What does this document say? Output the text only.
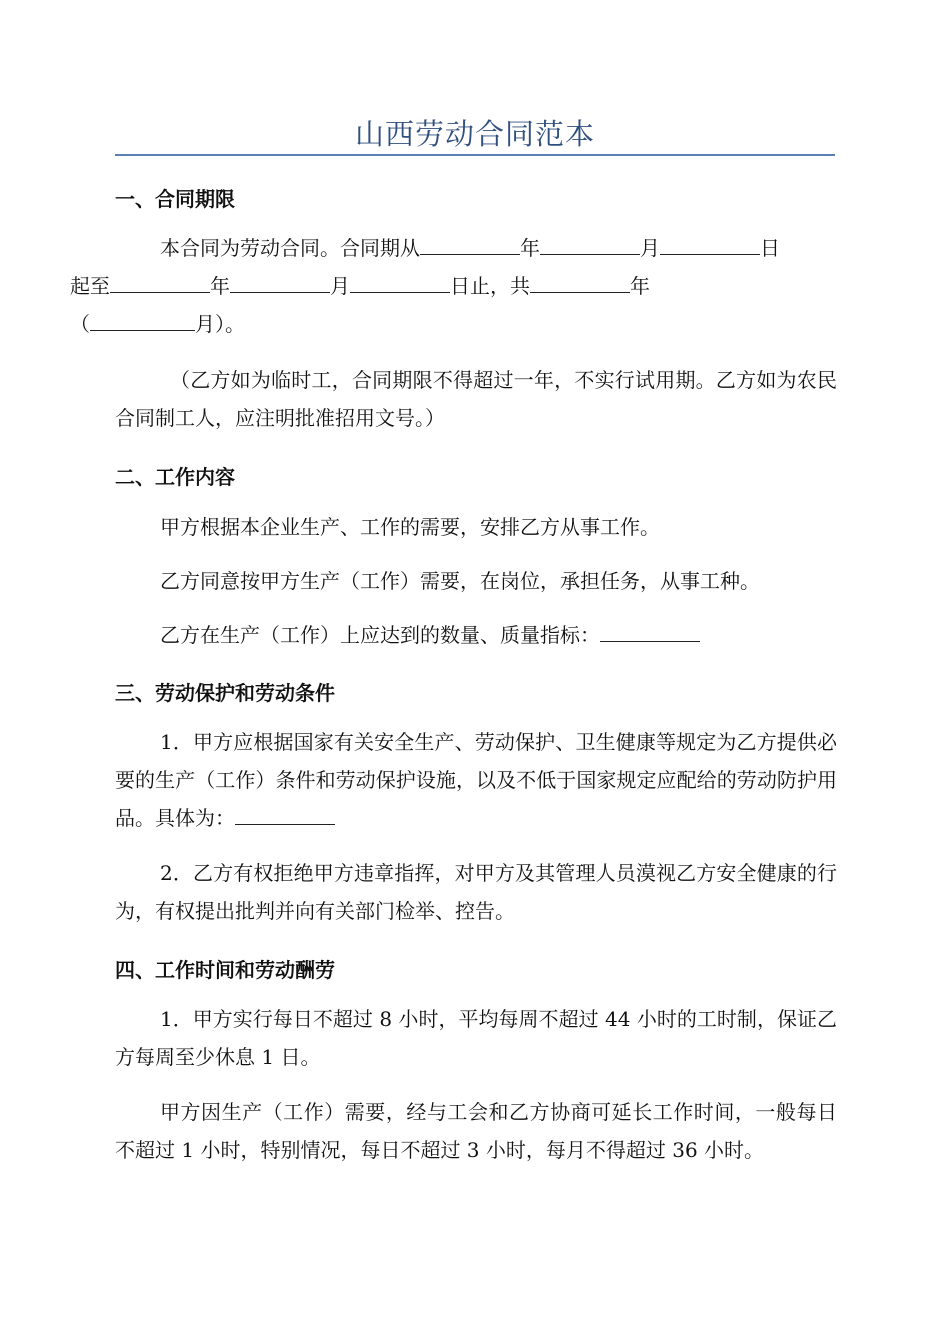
山西劳动合同范本
一、合同期限
本合同为劳动合同。合同期从	年	月	日
起至	年	月	日止，共	年
（	月）。
（乙方如为临时工，合同期限不得超过一年，不实行试用期。乙方如为农民合同制工人，应注明批准招用文号。）
二、工作内容
甲方根据本企业生产、工作的需要，安排乙方从事工作。
乙方同意按甲方生产（工作）需要，在岗位，承担任务，从事工种。
乙方在生产（工作）上应达到的数量、质量指标：
三、劳动保护和劳动条件
1．甲方应根据国家有关安全生产、劳动保护、卫生健康等规定为乙方提供必要的生产（工作）条件和劳动保护设施，以及不低于国家规定应配给的劳动防护用品。具体为：
2．乙方有权拒绝甲方违章指挥，对甲方及其管理人员漠视乙方安全健康的行为，有权提出批判并向有关部门检举、控告。
四、工作时间和劳动酬劳
1．甲方实行每日不超过 8 小时，平均每周不超过 44 小时的工时制，保证乙方每周至少休息 1 日。
甲方因生产（工作）需要，经与工会和乙方协商可延长工作时间，一般每日不超过 1 小时，特别情况，每日不超过 3 小时，每月不得超过 36 小时。
